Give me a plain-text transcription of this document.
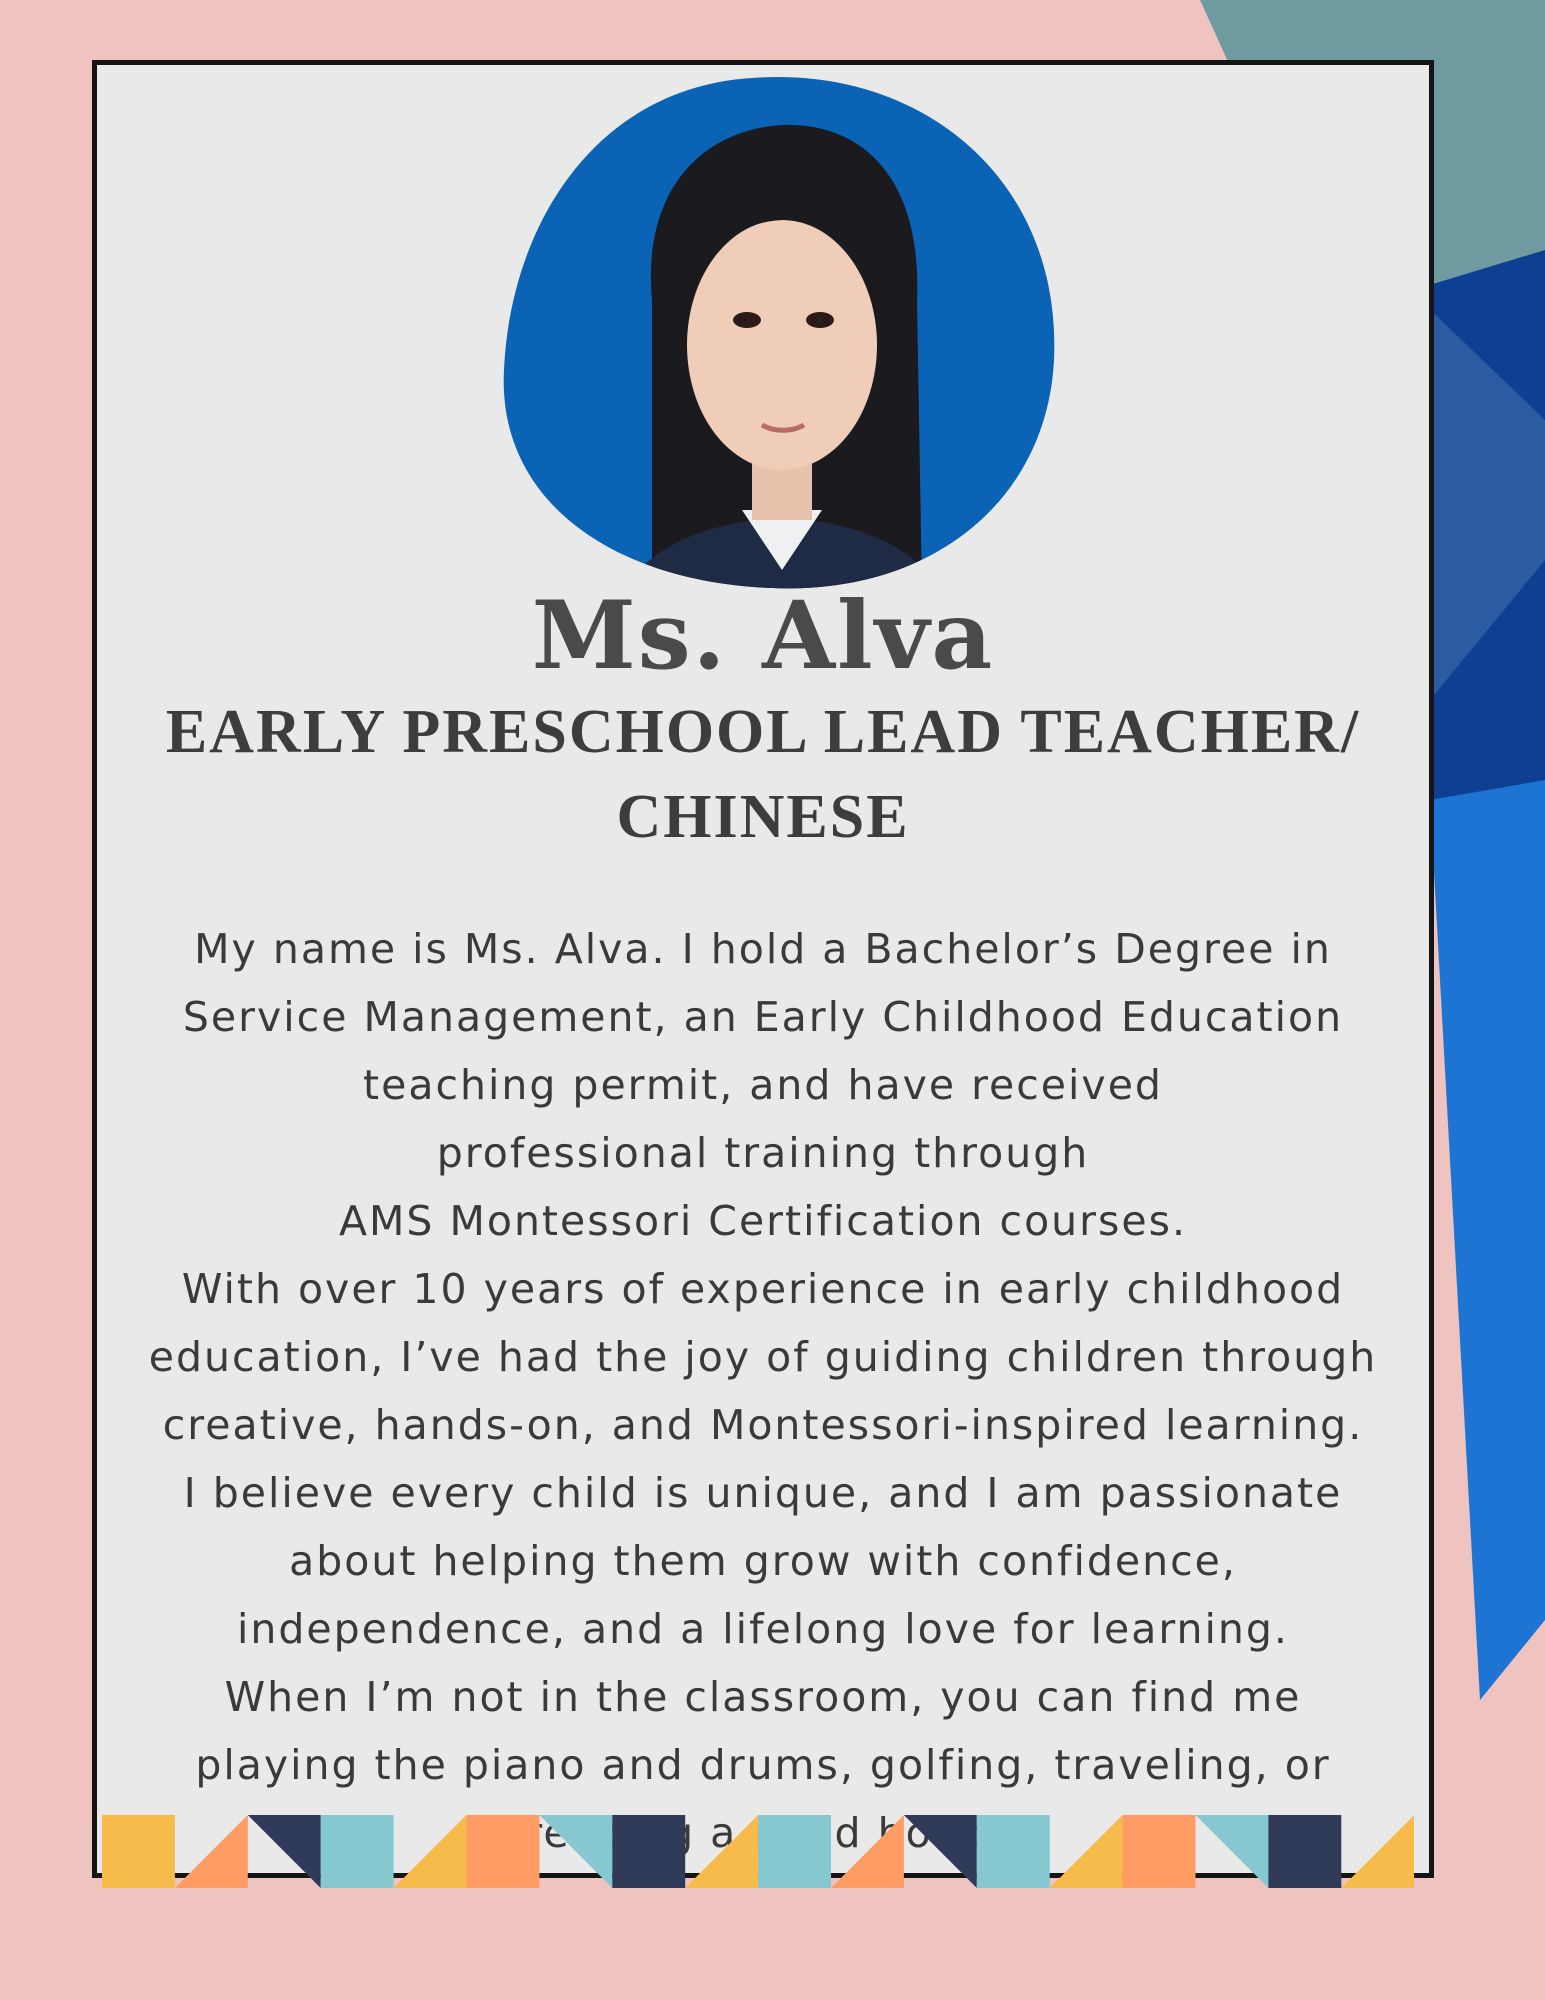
Ms. Alva
EARLY PRESCHOOL LEAD TEACHER/
CHINESE

My name is Ms. Alva. I hold a Bachelor’s Degree in

Service Management, an Early Childhood Education

teaching permit, and have received

professional training through

AMS Montessori Certification courses.

With over 10 years of experience in early childhood

education, I’ve had the joy of guiding children through

creative, hands-on, and Montessori-inspired learning.

I believe every child is unique, and I am passionate

about helping them grow with confidence,

independence, and a lifelong love for learning.

When I’m not in the classroom, you can find me

playing the piano and drums, golfing, traveling, or

a
